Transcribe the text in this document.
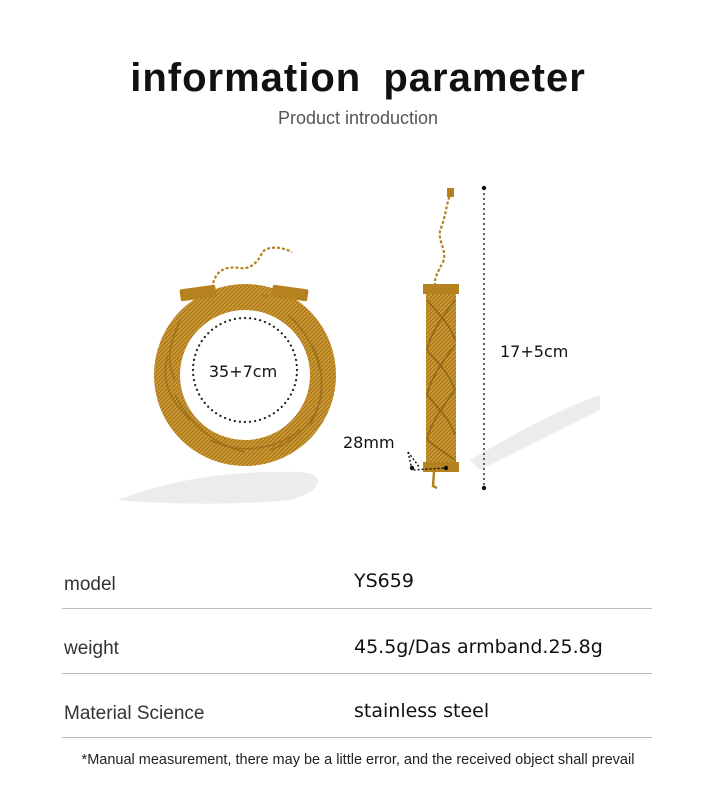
information parameter
Product introduction
35+7cm
28mm
17+5cm
model	YS659
weight	45.5g/Das armband.25.8g
Material Science	stainless steel
*Manual measurement, there may be a little error, and the received object shall prevail
